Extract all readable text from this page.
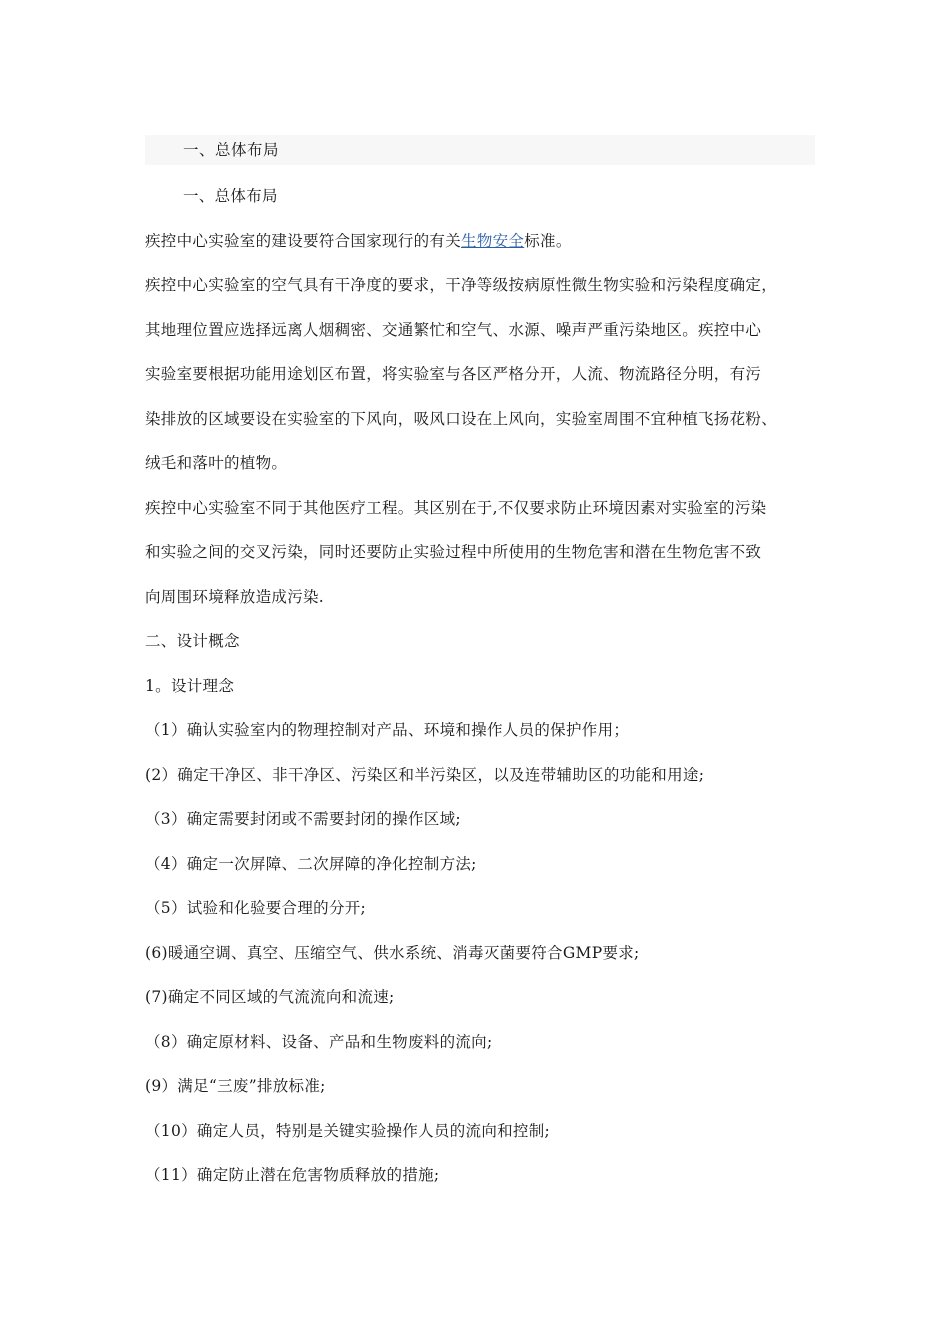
一、总体布局
一、总体布局
疾控中心实验室的建设要符合国家现行的有关生物安全标准。
疾控中心实验室的空气具有干净度的要求，干净等级按病原性微生物实验和污染程度确定，
其地理位置应选择远离人烟稠密、交通繁忙和空气、水源、噪声严重污染地区。疾控中心
实验室要根据功能用途划区布置，将实验室与各区严格分开，人流、物流路径分明，有污
染排放的区域要设在实验室的下风向，吸风口设在上风向，实验室周围不宜种植飞扬花粉、
绒毛和落叶的植物。
疾控中心实验室不同于其他医疗工程。其区别在于,不仅要求防止环境因素对实验室的污染
和实验之间的交叉污染，同时还要防止实验过程中所使用的生物危害和潜在生物危害不致
向周围环境释放造成污染.
二、设计概念
1。设计理念
（1）确认实验室内的物理控制对产品、环境和操作人员的保护作用；
(2）确定干净区、非干净区、污染区和半污染区，以及连带辅助区的功能和用途;
（3）确定需要封闭或不需要封闭的操作区域;
（4）确定一次屏障、二次屏障的净化控制方法;
（5）试验和化验要合理的分开;
(6)暖通空调、真空、压缩空气、供水系统、消毒灭菌要符合GMP要求;
(7)确定不同区域的气流流向和流速;
（8）确定原材料、设备、产品和生物废料的流向;
(9）满足“三废”排放标准;
（10）确定人员，特别是关键实验操作人员的流向和控制;
（11）确定防止潜在危害物质释放的措施;
